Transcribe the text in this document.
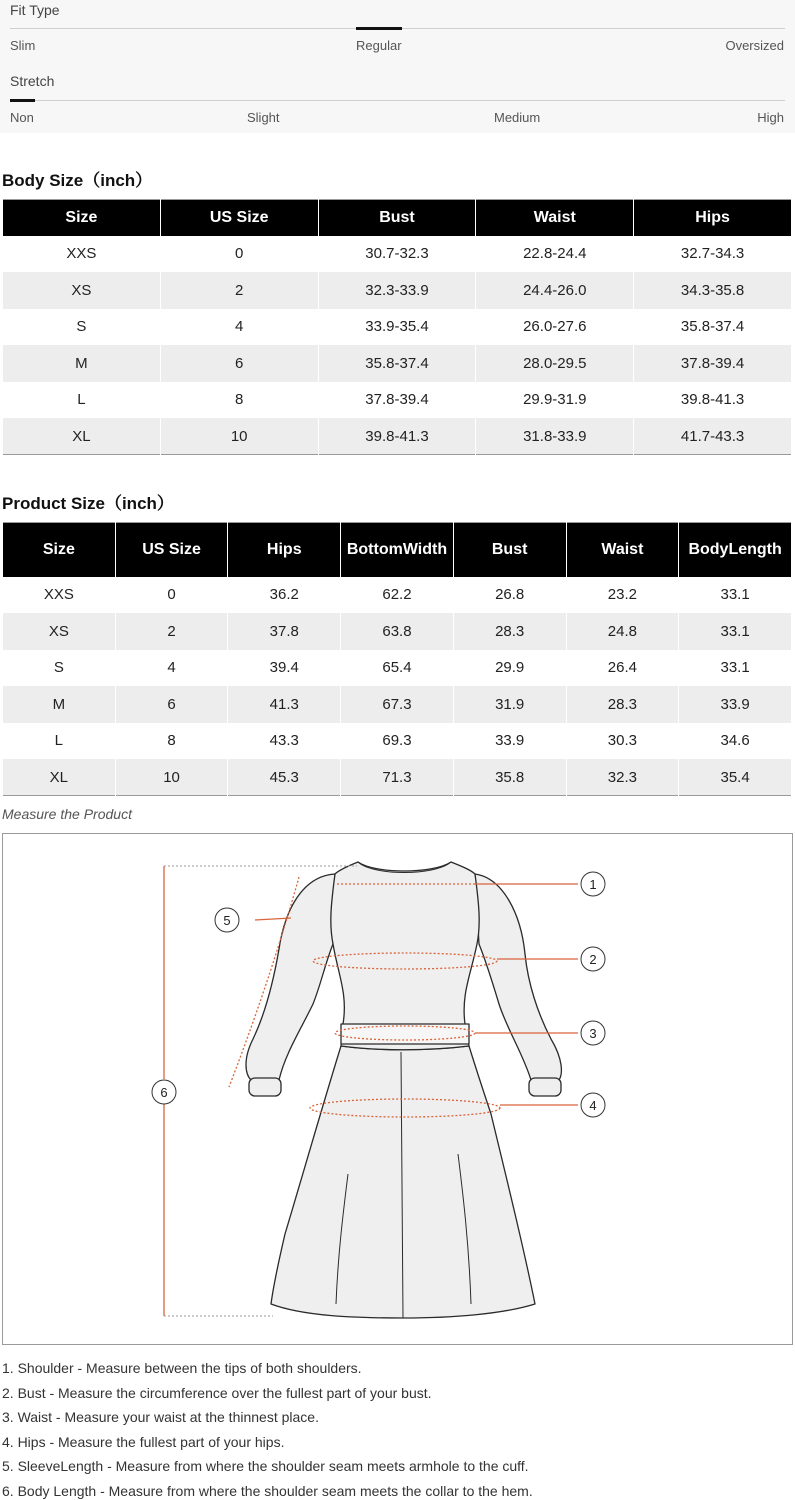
Fit Type
Slim	Regular	Oversized
Stretch
Non	Slight	Medium	High
Body Size（inch）
Size	US Size	Bust	Waist	Hips
XXS	0	30.7-32.3	22.8-24.4	32.7-34.3
XS	2	32.3-33.9	24.4-26.0	34.3-35.8
S	4	33.9-35.4	26.0-27.6	35.8-37.4
M	6	35.8-37.4	28.0-29.5	37.8-39.4
L	8	37.8-39.4	29.9-31.9	39.8-41.3
XL	10	39.8-41.3	31.8-33.9	41.7-43.3
Product Size（inch）
Size	US Size	Hips	BottomWidth	Bust	Waist	BodyLength
XXS	0	36.2	62.2	26.8	23.2	33.1
XS	2	37.8	63.8	28.3	24.8	33.1
S	4	39.4	65.4	29.9	26.4	33.1
M	6	41.3	67.3	31.9	28.3	33.9
L	8	43.3	69.3	33.9	30.3	34.6
XL	10	45.3	71.3	35.8	32.3	35.4
Measure the Product
1
2
3
4
5
6
1. Shoulder - Measure between the tips of both shoulders.
2. Bust - Measure the circumference over the fullest part of your bust.
3. Waist - Measure your waist at the thinnest place.
4. Hips - Measure the fullest part of your hips.
5. SleeveLength - Measure from where the shoulder seam meets armhole to the cuff.
6. Body Length - Measure from where the shoulder seam meets the collar to the hem.
